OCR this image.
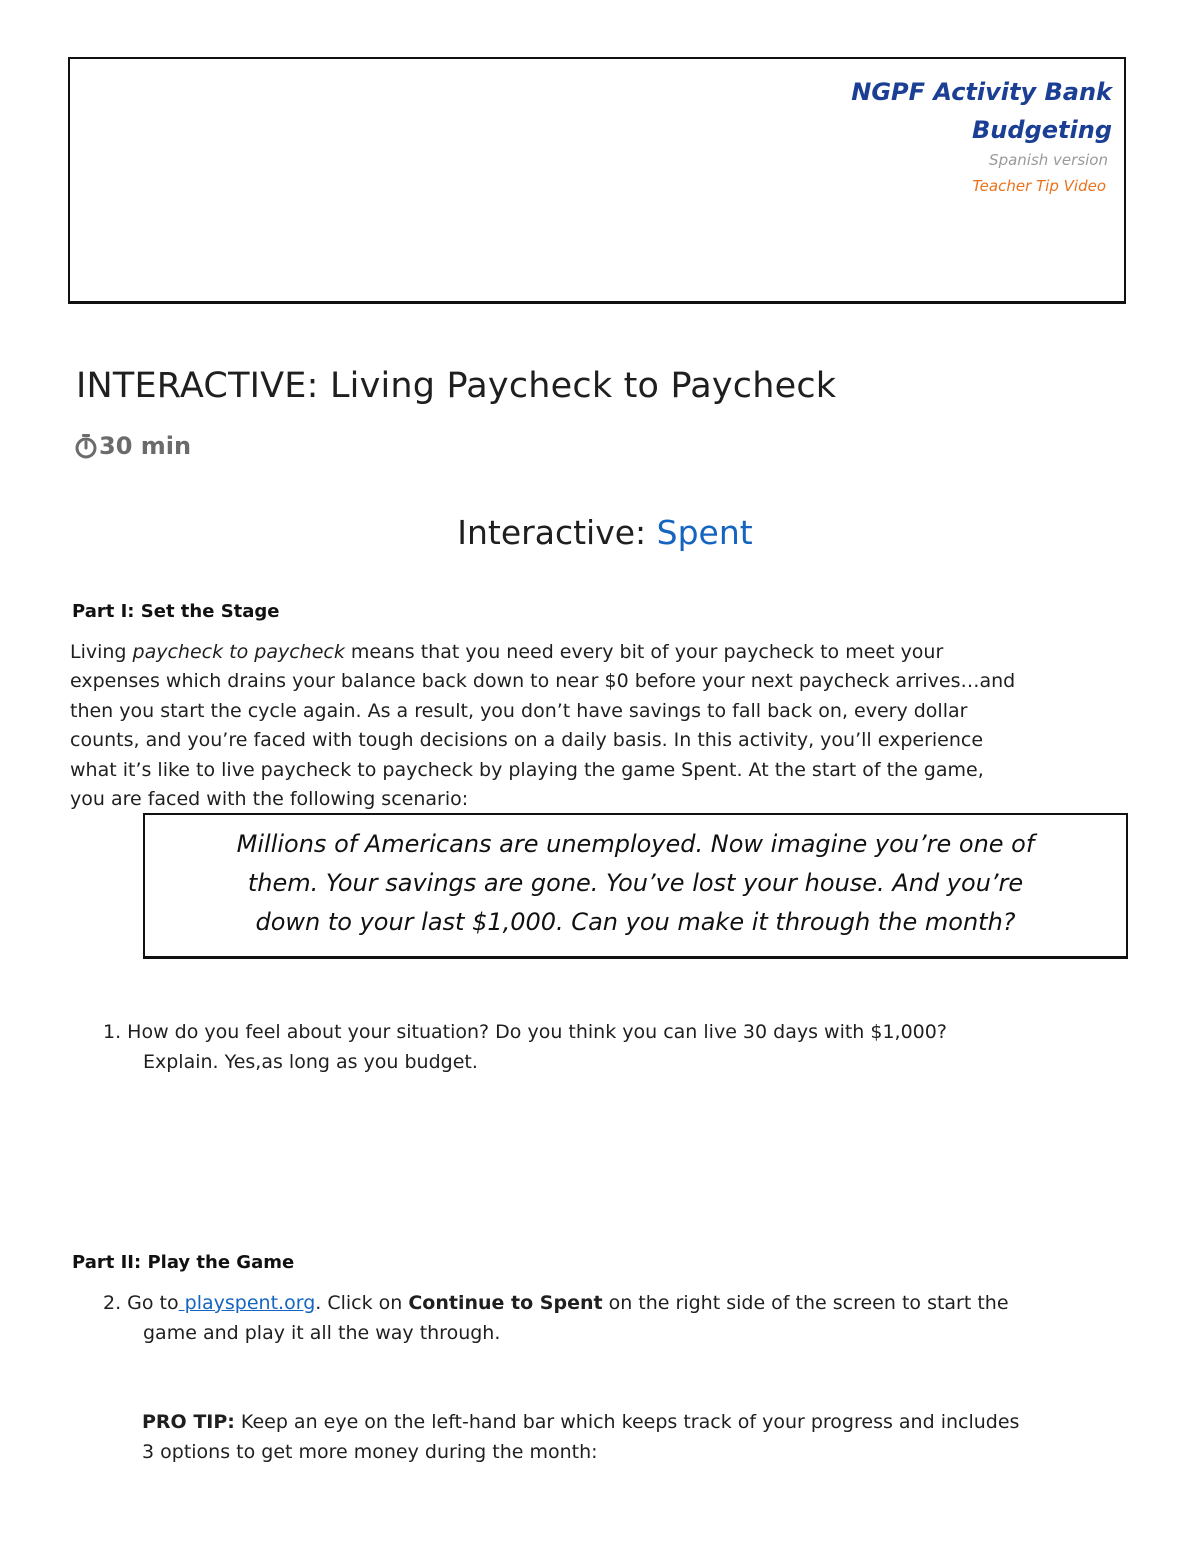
NGPF Activity Bank
Budgeting
Spanish version
Teacher Tip Video
INTERACTIVE: Living Paycheck to Paycheck
30 min
Interactive: Spent
Part I: Set the Stage
Living paycheck to paycheck means that you need every bit of your paycheck to meet your
expenses which drains your balance back down to near $0 before your next paycheck arrives…and
then you start the cycle again. As a result, you don’t have savings to fall back on, every dollar
counts, and you’re faced with tough decisions on a daily basis. In this activity, you’ll experience
what it’s like to live paycheck to paycheck by playing the game Spent. At the start of the game,
you are faced with the following scenario:
Millions of Americans are unemployed. Now imagine you’re one of
them. Your savings are gone. You’ve lost your house. And you’re
down to your last $1,000. Can you make it through the month?
1. How do you feel about your situation? Do you think you can live 30 days with $1,000?
Explain. Yes,as long as you budget.
Part II: Play the Game
2. Go to playspent.org. Click on Continue to Spent on the right side of the screen to start the
game and play it all the way through.
PRO TIP: Keep an eye on the left-hand bar which keeps track of your progress and includes
3 options to get more money during the month:
